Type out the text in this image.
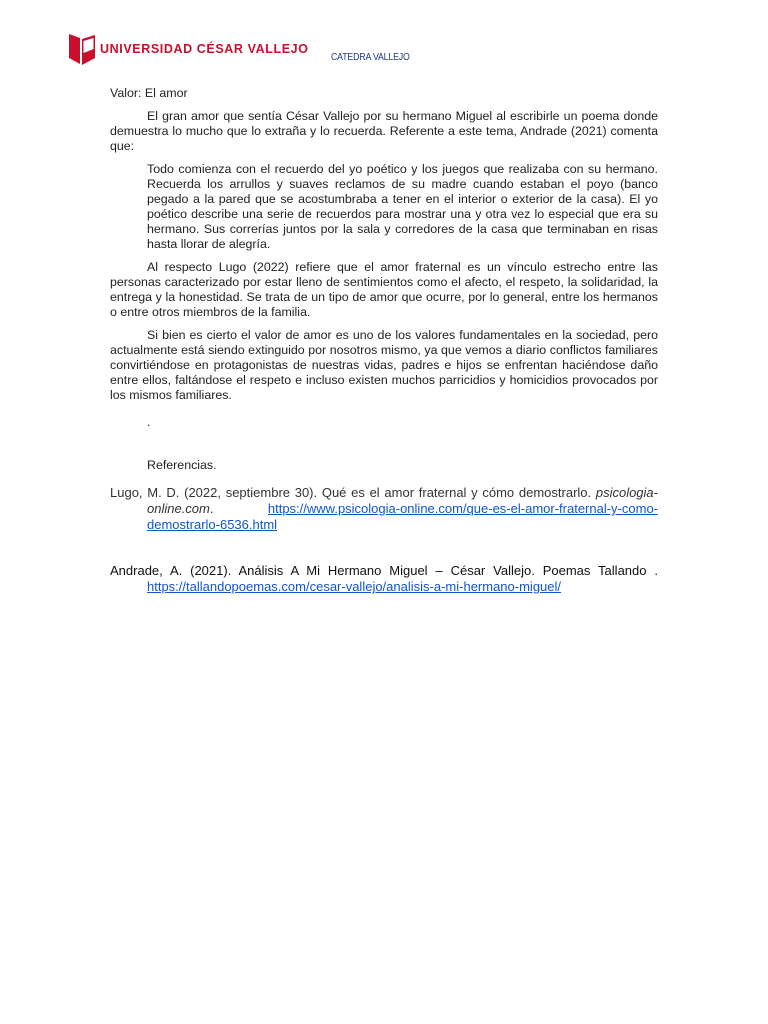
UNIVERSIDAD CÉSAR VALLEJO
CATEDRA VALLEJO
Valor: El amor

El gran amor que sentía César Vallejo por su hermano Miguel al escribirle un poema donde demuestra lo mucho que lo extraña y lo recuerda. Referente a este tema, Andrade (2021) comenta que:

Todo comienza con el recuerdo del yo poético y los juegos que realizaba con su hermano. Recuerda los arrullos y suaves reclamos de su madre cuando estaban el poyo (banco pegado a la pared que se acostumbraba a tener en el interior o exterior de la casa). El yo poético describe una serie de recuerdos para mostrar una y otra vez lo especial que era su hermano. Sus correrías juntos por la sala y corredores de la casa que terminaban en risas hasta llorar de alegría.

Al respecto Lugo (2022) refiere que el amor fraternal es un vínculo estrecho entre las personas caracterizado por estar lleno de sentimientos como el afecto, el respeto, la solidaridad, la entrega y la honestidad. Se trata de un tipo de amor que ocurre, por lo general, entre los hermanos o entre otros miembros de la familia.

Si bien es cierto el valor de amor es uno de los valores fundamentales en la sociedad, pero actualmente está siendo extinguido por nosotros mismo, ya que vemos a diario conflictos familiares convirtiéndose en protagonistas de nuestras vidas, padres e hijos se enfrentan haciéndose daño entre ellos, faltándose el respeto e incluso existen muchos parricidios y homicidios provocados por los mismos familiares.

.
Referencias.
Lugo, M. D. (2022, septiembre 30). Qué es el amor fraternal y cómo demostrarlo. psicologia-online.com. https://www.psicologia-online.com/que-es-el-amor-fraternal-y-como-demostrarlo-6536.html
Andrade, A. (2021). Análisis A Mi Hermano Miguel – César Vallejo. Poemas Tallando . https://tallandopoemas.com/cesar-vallejo/analisis-a-mi-hermano-miguel/
